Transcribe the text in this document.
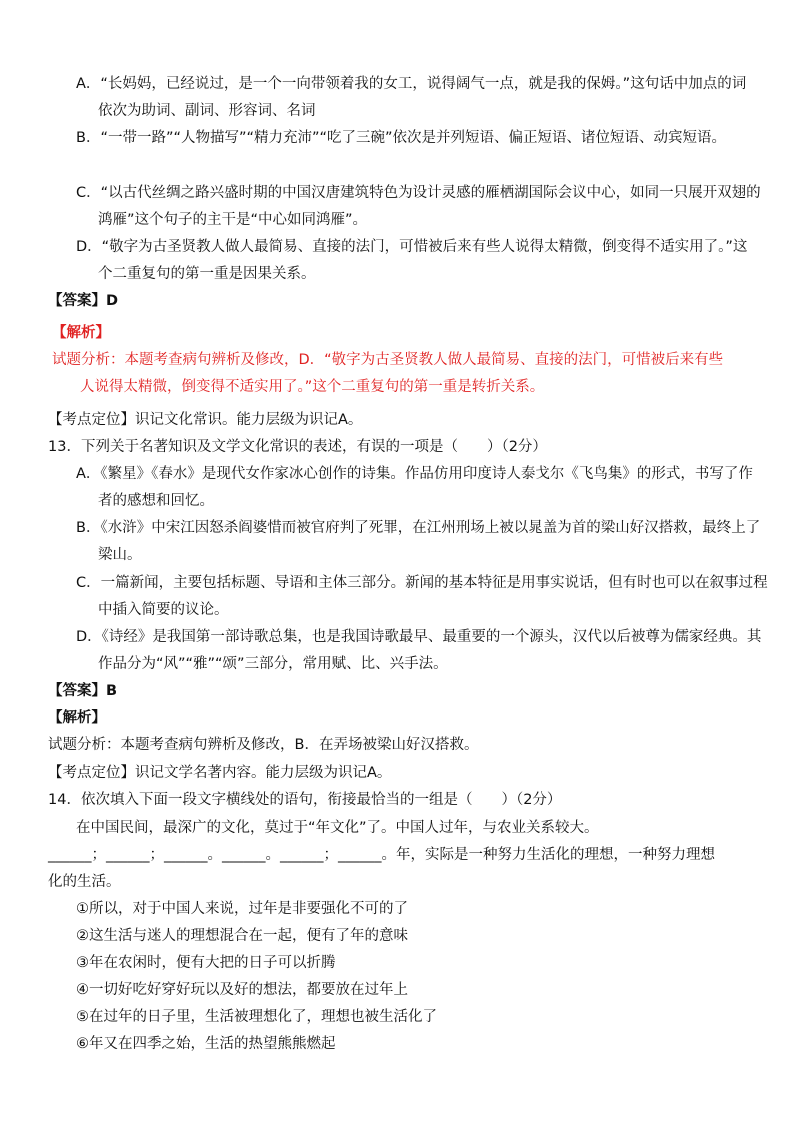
A．“长妈妈，已经说过，是一个一向带领着我的女工，说得阔气一点，就是我的保姆。”这句话中加点的词
依次为助词、副词、形容词、名词
B．“一带一路”“人物描写”“精力充沛”“吃了三碗”依次是并列短语、偏正短语、诸位短语、动宾短语。
C．“以古代丝绸之路兴盛时期的中国汉唐建筑特色为设计灵感的雁栖湖国际会议中心，如同一只展开双翅的
鸿雁”这个句子的主干是“中心如同鸿雁”。
D．“敬字为古圣贤教人做人最简易、直接的法门，可惜被后来有些人说得太精微，倒变得不适实用了。”这
个二重复句的第一重是因果关系。
【答案】D
【解析】
试题分析：本题考查病句辨析及修改，D．“敬字为古圣贤教人做人最简易、直接的法门，可惜被后来有些
人说得太精微，倒变得不适实用了。”这个二重复句的第一重是转折关系。
【考点定位】识记文化常识。能力层级为识记A。
13．下列关于名著知识及文学文化常识的表述，有误的一项是（　　）（2分）
A．《繁星》《春水》是现代女作家冰心创作的诗集。作品仿用印度诗人泰戈尔《飞鸟集》的形式，书写了作
者的感想和回忆。
B．《水浒》中宋江因怒杀阎婆惜而被官府判了死罪，在江州刑场上被以晁盖为首的梁山好汉搭救，最终上了
梁山。
C．一篇新闻，主要包括标题、导语和主体三部分。新闻的基本特征是用事实说话，但有时也可以在叙事过程
中插入简要的议论。
D．《诗经》是我国第一部诗歌总集，也是我国诗歌最早、最重要的一个源头，汉代以后被尊为儒家经典。其
作品分为“风”“雅”“颂”三部分，常用赋、比、兴手法。
【答案】B
【解析】
试题分析：本题考查病句辨析及修改，B．在弄场被梁山好汉搭救。
【考点定位】识记文学名著内容。能力层级为识记A。
14．依次填入下面一段文字横线处的语句，衔接最恰当的一组是（　　）（2分）
在中国民间，最深广的文化，莫过于“年文化”了。中国人过年，与农业关系较大。
______；______；______。______。______；______。年，实际是一种努力生活化的理想，一种努力理想
化的生活。
①所以，对于中国人来说，过年是非要强化不可的了
②这生活与迷人的理想混合在一起，便有了年的意味
③年在农闲时，便有大把的日子可以折腾
④一切好吃好穿好玩以及好的想法，都要放在过年上
⑤在过年的日子里，生活被理想化了，理想也被生活化了
⑥年又在四季之始，生活的热望熊熊燃起
